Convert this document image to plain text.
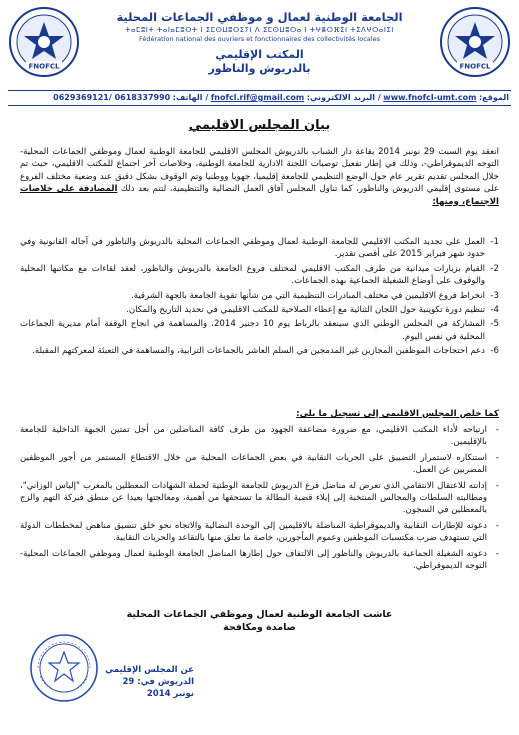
FNOFCL	FNOFCL
الجامعة الوطنية لعمال و موظفي الجماعات المحلية
ⵜⴰⵎⵓⵏⵜ ⵜⴰⵏⴰⵎⵓⵔⵜ ⵏ ⵉⵎⵙⵡⵓⵔⵉⵢⵏ ⴷ ⵉⵎⵙⵡⵓⵔⴰ ⵏ ⵜⵖⴻⵔⴼⵉⵏ ⵜⵉⴷⵖⵔⴰⵏⵉⵏ
Fédération national des ouvriers et fonctionnaires des collectivités locales
المكتب الإقليمي
بالدريوش والناظور
الموقع: www.fnofcl-umt.com / البريد الالكتروني: fnofcl.rif@gmail.com / الهاتف: 0618337990 /0629369121
بيان المجلس الاقليمي
انعقد يوم السبت 29 نونبر 2014 بقاعة دار الشباب بالدريوش المجلس الاقليمي للجامعة الوطنية لعمال وموظفي الجماعات المحلية- التوجه الديموقراطي-، وذلك في إطار تفعيل توصيات اللجنة الادارية للجامعة الوطنية، وخلاصات آخر اجتماع للمكتب الاقليمي، حيث تم خلال المجلس تقديم تقرير عام حول الوضع التنظيمي للجامعة إقليميا، جهويا ووطنيا وتم الوقوف بشكل دقيق عند وضعية مختلف الفروع على مستوى إقليمي الدريوش والناظور، كما تناول المجلس آفاق العمل النضالية والتنظيمية، لتتم بعد ذلك المصادقة على خلاصات الاجتماع، ومنها:
1-
العمل على تجديد المكتب الاقليمي للجامعة الوطنية لعمال وموظفي الجماعات المحلية بالدريوش والناظور في آجاله القانونية وفي حدود شهر فبراير 2015 على أقصى تقدير.
2-
القيام بزيارات ميدانية من طرف المكتب الاقليمي لمختلف فروع الجامعة بالدريوش والناظور، لعقد لقاءات مع مكاتبها المحلية والوقوف على أوضاع الشغيلة الجماعية بهذه الجماعات.
3-
انخراط فروع الاقليمين في مختلف المبادرات التنظيمية التي من شأنها تقوية الجامعة بالجهة الشرقية.
4-
تنظيم دورة تكوينية حول اللجان الثنائية مع إعطاء الصلاحية للمكتب الاقليمي في تحديد التاريخ والمكان.
5-
المشاركة في المجلس الوطني الذي سينعقد بالرباط يوم 10 دجنبر 2014، والمساهمة في انجاح الوقفة أمام مديرية الجماعات المحلية في نفس اليوم.
6-
دعم احتجاجات الموظفين المجازين غير المدمجين في السلم العاشر بالجماعات الترابية، والمساهمة في التعبئة لمعركتهم المقبلة.
كما خلص المجلس الاقليمي إلى تسجيل ما يلي:
-
ارتياحه لأداء المكتب الاقليمي، مع ضرورة مضاعفة الجهود من طرف كافة المناضلين من أجل تمتين الجبهة الداخلية للجامعة بالإقليمين.
-
استنكاره لاستمرار التضييق على الحريات النقابية في بعض الجماعات المحلية من خلال الاقتطاع المستمر من أجور الموظفين المضربين عن العمل.
-
إدانته للاعتقال الانتقامي الذي تعرض له مناضل فرع الدريوش للجامعة الوطنية لحملة الشهادات المعطلين بالمغرب "إلياس الوزاني"، ومطالبته السلطات والمجالس المنتخبة إلى إيلاء قضية البطالة ما تستحقها من أهمية، ومعالجتها بعيدا عن منطق فبركة التهم والزج بالمعطلين في السجون.
-
دعوته للإطارات النقابية والديموقراطية المناضلة بالاقليمين إلى الوحدة النضالية والاتجاه نحو خلق تنسيق مناهض لمخططات الدولة التي تستهدف ضرب مكتسبات الموظفين وعموم المأجورين، خاصة ما تعلق منها بالتقاعد والحريات النقابية.
-
دعوته الشغيلة الجماعية بالدريوش والناظور إلى الالتفاف حول إطارها المناضل الجامعة الوطنية لعمال وموظفي الجماعات المحلية-التوجه الديموقراطي.
عاشت الجامعة الوطنية لعمال وموظفي الجماعات المحلية
صامدة ومكافحة
عن المجلس الإقليمي
الدريوش في: 29 نونبر 2014
